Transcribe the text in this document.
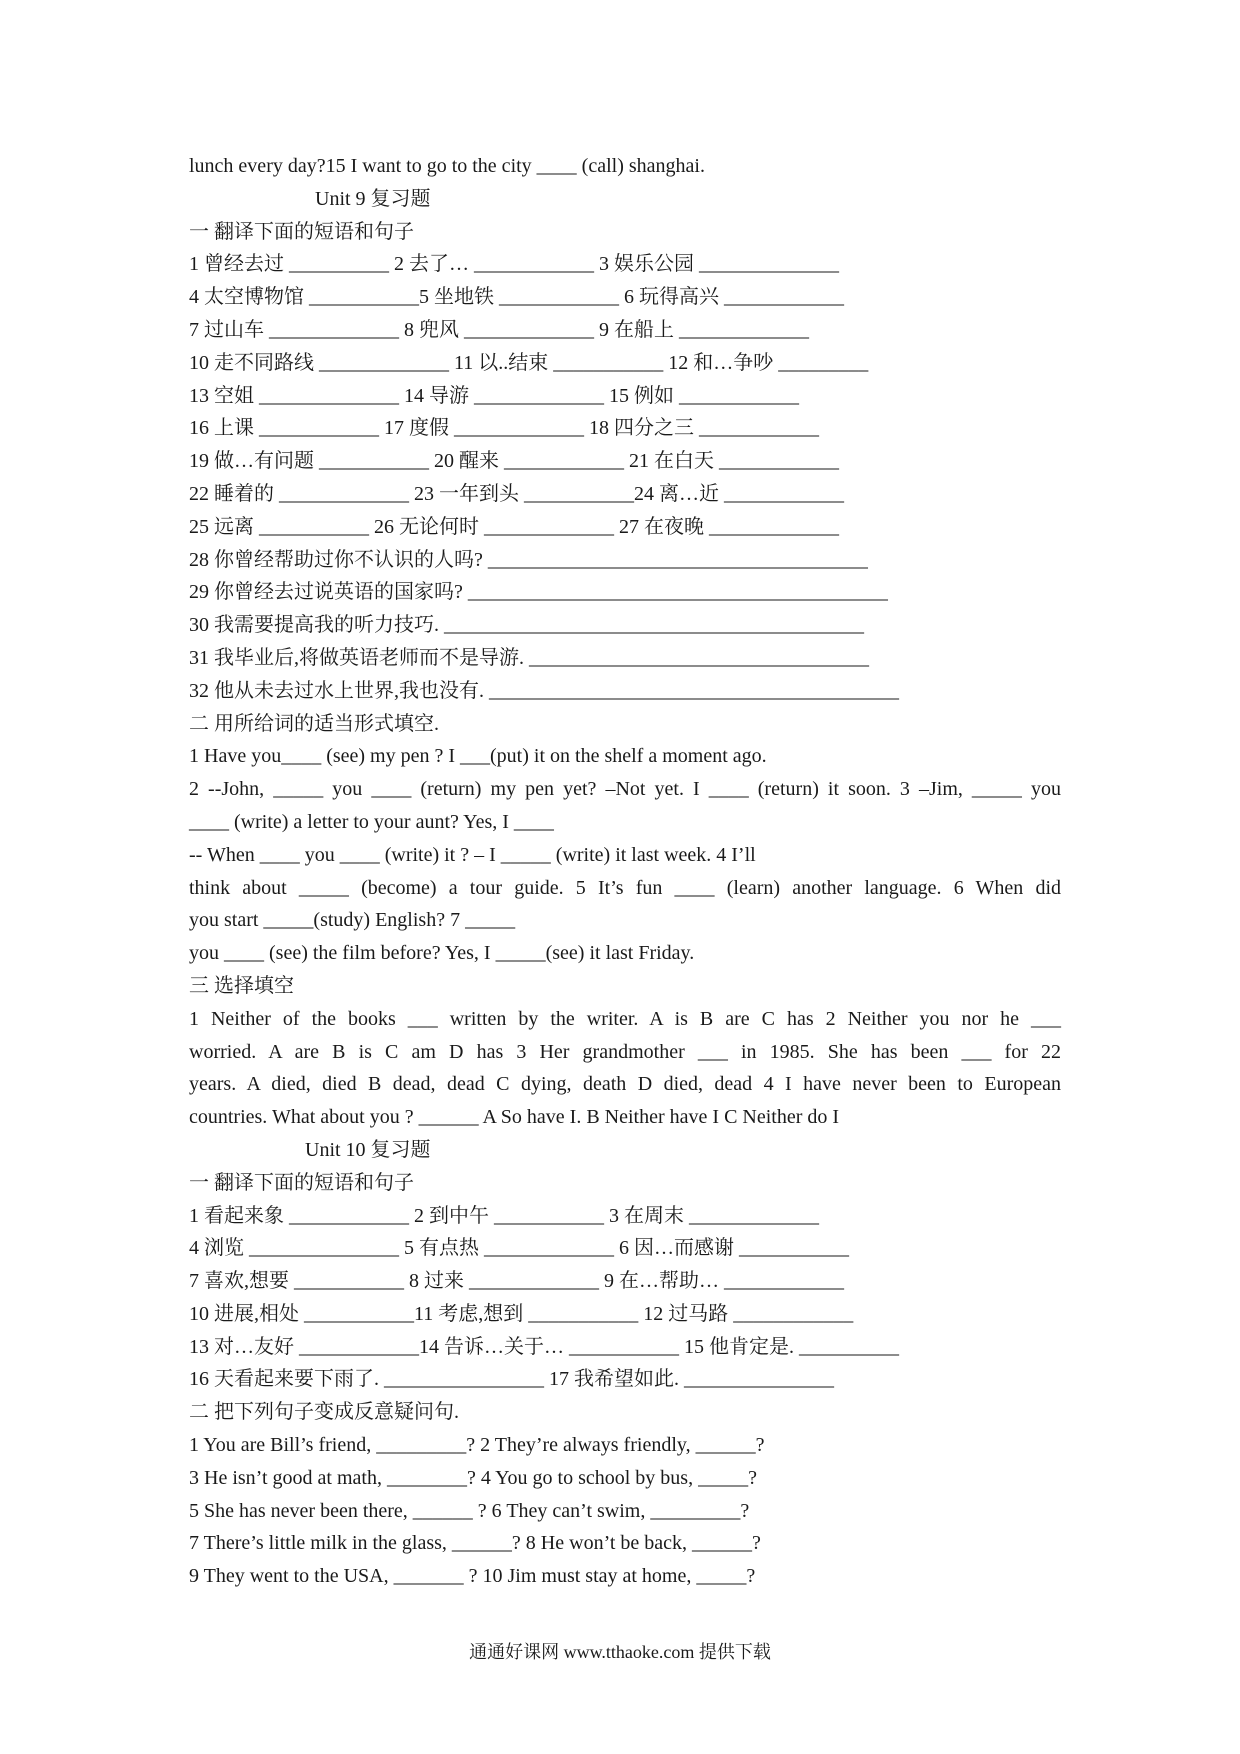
lunch every day?15 I want to go to the city ____ (call) shanghai.
Unit 9 复习题
一 翻译下面的短语和句子
1 曾经去过 __________ 2 去了… ____________ 3 娱乐公园 ______________
4 太空博物馆 ___________5 坐地铁 ____________ 6 玩得高兴 ____________
7 过山车 _____________ 8 兜风 _____________ 9 在船上 _____________
10 走不同路线 _____________ 11 以..结束 ___________ 12 和…争吵 _________
13 空姐 ______________ 14 导游 _____________ 15 例如 ____________
16 上课 ____________ 17 度假 _____________ 18 四分之三 ____________
19 做…有问题 ___________ 20 醒来 ____________ 21 在白天 ____________
22 睡着的 _____________ 23 一年到头 ___________24 离…近 ____________
25 远离 ___________ 26 无论何时 _____________ 27 在夜晚 _____________
28 你曾经帮助过你不认识的人吗? ______________________________________
29 你曾经去过说英语的国家吗? __________________________________________
30 我需要提高我的听力技巧. __________________________________________
31 我毕业后,将做英语老师而不是导游. __________________________________
32 他从未去过水上世界,我也没有. _________________________________________
二 用所给词的适当形式填空.
1 Have you____ (see) my pen ? I ___(put) it on the shelf a moment ago.
2 --John, _____ you ____ (return) my pen yet? –Not yet. I ____ (return) it soon. 3 –Jim, _____ you
____ (write) a letter to your aunt? Yes, I ____
-- When ____ you ____ (write) it ? – I _____ (write) it last week. 4 I’ll
think about _____ (become) a tour guide. 5 It’s fun ____ (learn) another language. 6 When did
you start _____(study) English? 7 _____
you ____ (see) the film before? Yes, I _____(see) it last Friday.
三 选择填空
1 Neither of the books ___ written by the writer. A is B are C has 2 Neither you nor he ___
worried. A are B is C am D has 3 Her grandmother ___ in 1985. She has been ___ for 22
years. A died, died B dead, dead C dying, death D died, dead 4 I have never been to European
countries. What about you ? ______ A So have I. B Neither have I C Neither do I
Unit 10 复习题
一 翻译下面的短语和句子
1 看起来象 ____________ 2 到中午 ___________ 3 在周末 _____________
4 浏览 _______________ 5 有点热 _____________ 6 因…而感谢 ___________
7 喜欢,想要 ___________ 8 过来 _____________ 9 在…帮助… ____________
10 进展,相处 ___________11 考虑,想到 ___________ 12 过马路 ____________
13 对…友好 ____________14 告诉…关于… ___________ 15 他肯定是. __________
16 天看起来要下雨了. ________________ 17 我希望如此. _______________
二 把下列句子变成反意疑问句.
1 You are Bill’s friend, _________? 2 They’re always friendly, ______?
3 He isn’t good at math, ________? 4 You go to school by bus, _____?
5 She has never been there, ______ ? 6 They can’t swim, _________?
7 There’s little milk in the glass, ______? 8 He won’t be back, ______?
9 They went to the USA, _______ ? 10 Jim must stay at home, _____?
通通好课网 www.tthaoke.com 提供下载
